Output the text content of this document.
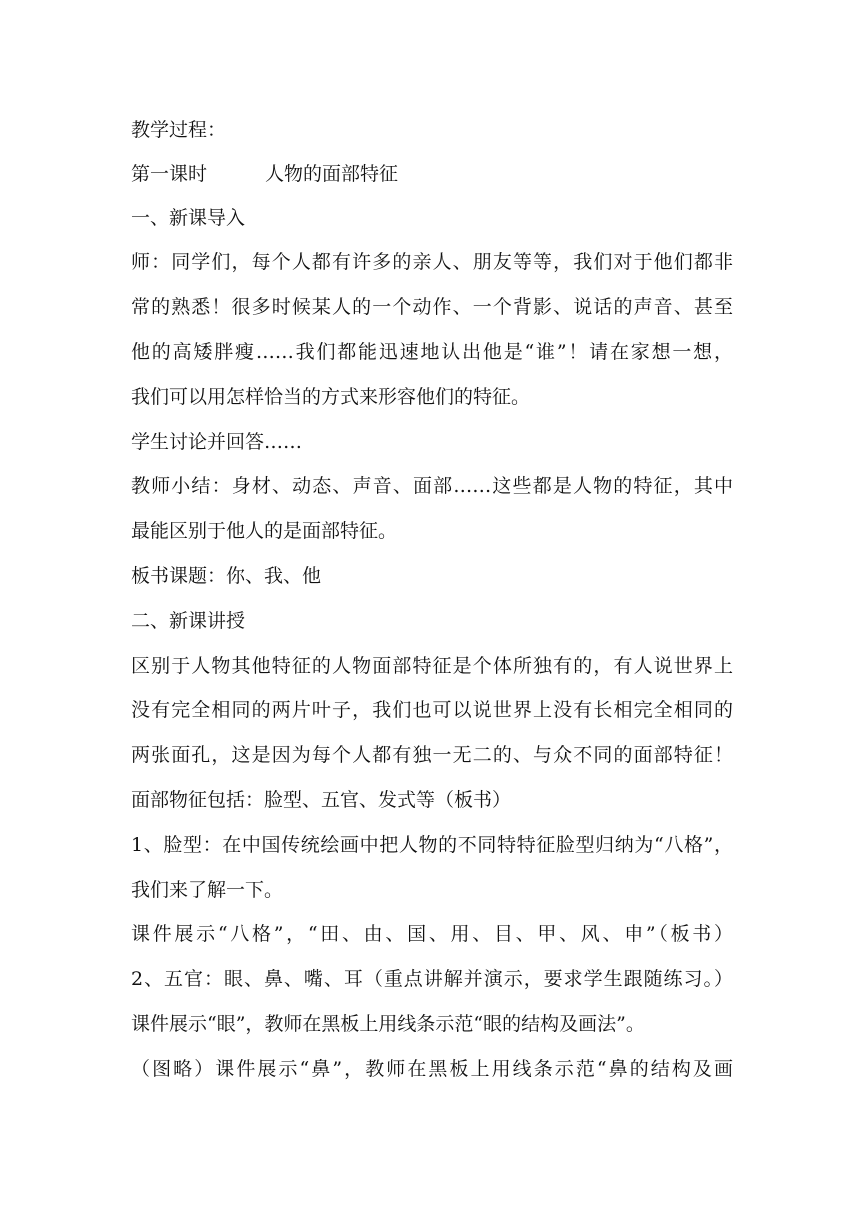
教学过程：
第一课时	人物的面部特征
一、新课导入
师：同学们，每个人都有许多的亲人、朋友等等，我们对于他们都非
常的熟悉！很多时候某人的一个动作、一个背影、说话的声音、甚至
他的高矮胖瘦……我们都能迅速地认出他是“谁”！请在家想一想，
我们可以用怎样恰当的方式来形容他们的特征。
学生讨论并回答……
教师小结：身材、动态、声音、面部……这些都是人物的特征，其中
最能区别于他人的是面部特征。
板书课题：你、我、他
二、新课讲授
区别于人物其他特征的人物面部特征是个体所独有的，有人说世界上
没有完全相同的两片叶子，我们也可以说世界上没有长相完全相同的
两张面孔，这是因为每个人都有独一无二的、与众不同的面部特征！
面部物征包括：脸型、五官、发式等（板书）
1、脸型：在中国传统绘画中把人物的不同特特征脸型归纳为“八格”，
我们来了解一下。
课件展示“八格”，“田、由、国、用、目、甲、风、申”（板书）
2、五官：眼、鼻、嘴、耳（重点讲解并演示，要求学生跟随练习。）
课件展示“眼”，教师在黑板上用线条示范“眼的结构及画法”。
（图略）课件展示“鼻”，教师在黑板上用线条示范“鼻的结构及画
